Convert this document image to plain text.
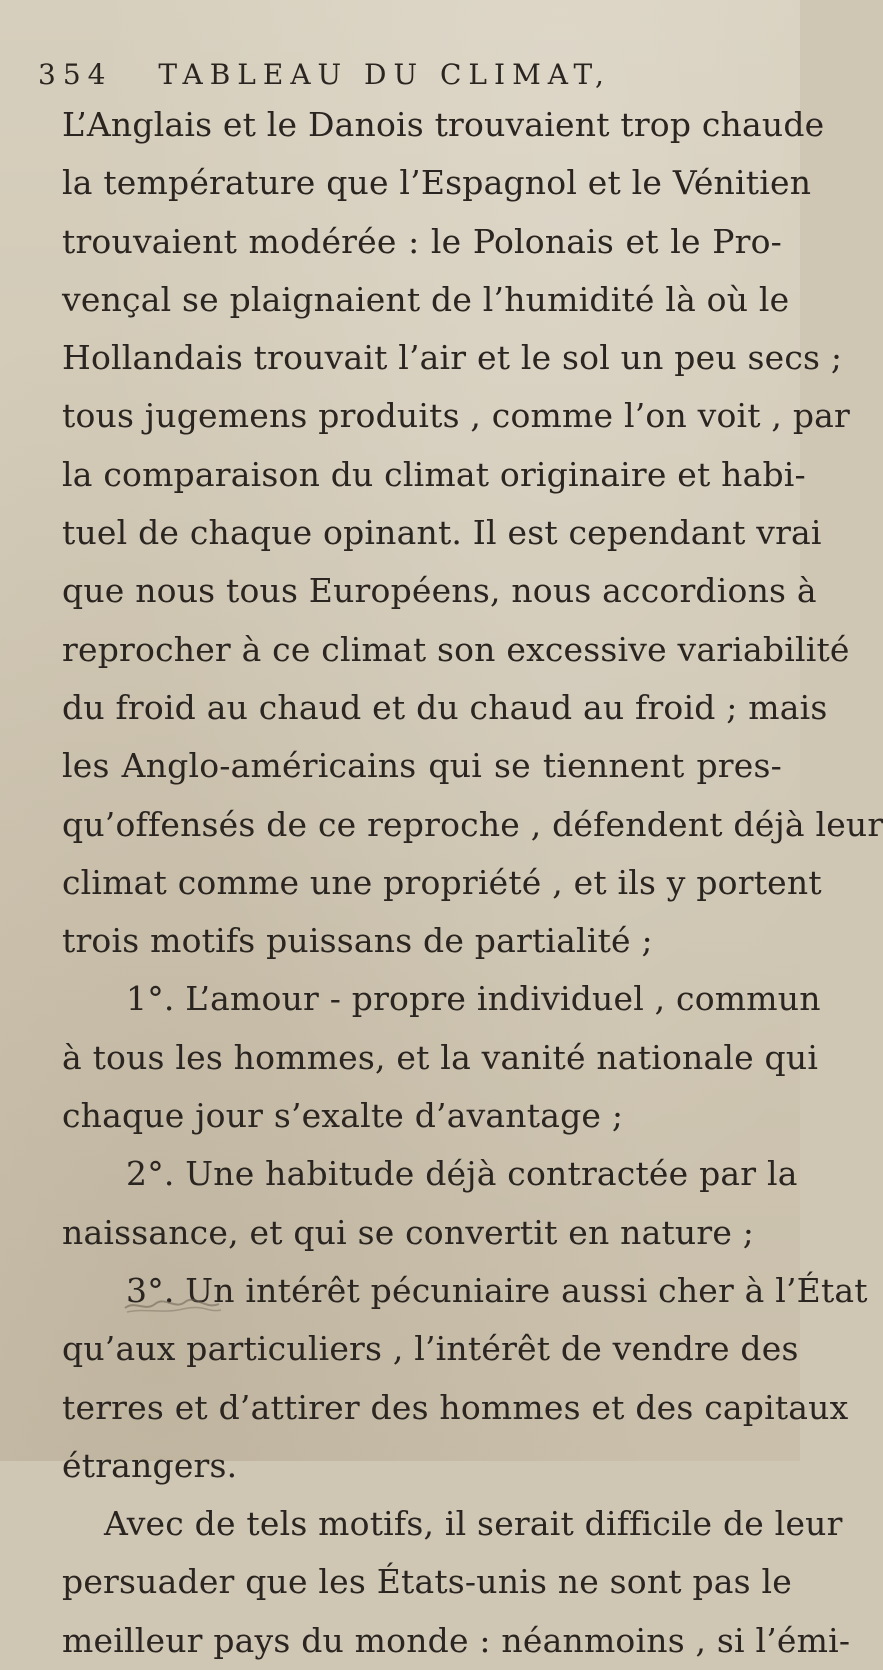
354 TABLEAU DU CLIMAT,
L’Anglais et le Danois trouvaient trop chaude
la température que l’Espagnol et le Vénitien
trouvaient modérée : le Polonais et le Pro-
vençal se plaignaient de l’humidité là où le
Hollandais trouvait l’air et le sol un peu secs ;
tous jugemens produits , comme l’on voit , par
la comparaison du climat originaire et habi-
tuel de chaque opinant. Il est cependant vrai
que nous tous Européens, nous accordions à
reprocher à ce climat son excessive variabilité
du froid au chaud et du chaud au froid ; mais
les Anglo-américains qui se tiennent pres-
qu’offensés de ce reproche , défendent déjà leur
climat comme une propriété , et ils y portent
trois motifs puissans de partialité ;
1°. L’amour - propre individuel , commun
à tous les hommes, et la vanité nationale qui
chaque jour s’exalte d’avantage ;
2°. Une habitude déjà contractée par la
naissance, et qui se convertit en nature ;
3°. Un intérêt pécuniaire aussi cher à l’État
qu’aux particuliers , l’intérêt de vendre des
terres et d’attirer des hommes et des capitaux
étrangers.
Avec de tels motifs, il serait difficile de leur
persuader que les États-unis ne sont pas le
meilleur pays du monde : néanmoins , si l’émi-
